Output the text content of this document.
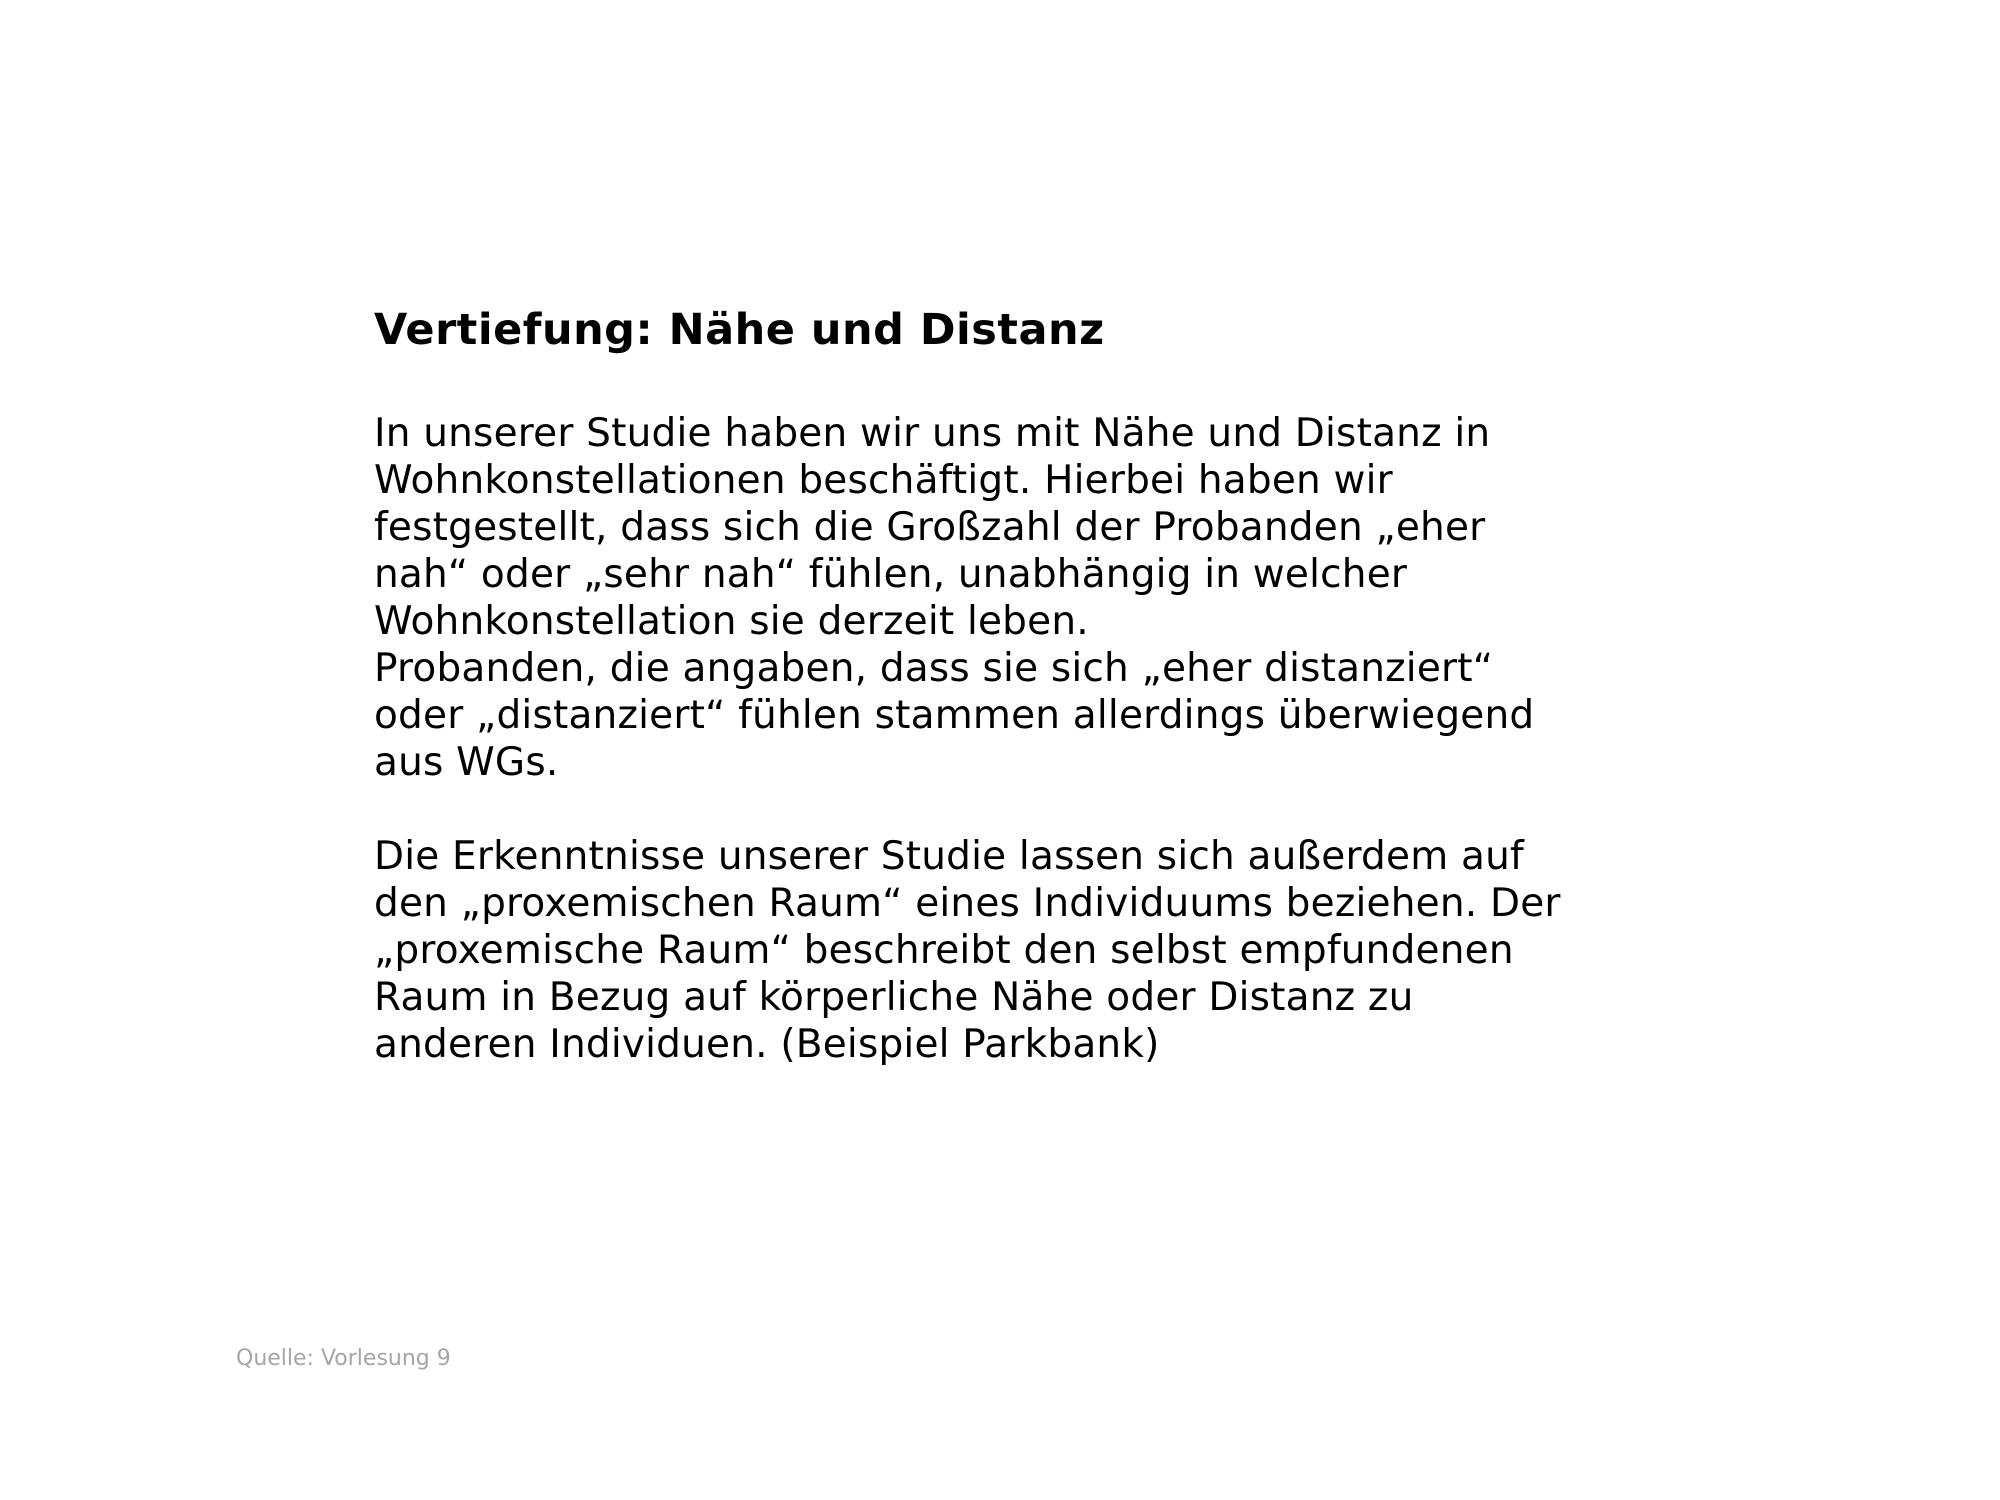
Vertiefung: Nähe und Distanz

In unserer Studie haben wir uns mit Nähe und Distanz in
Wohnkonstellationen beschäftigt. Hierbei haben wir
festgestellt, dass sich die Großzahl der Probanden „eher
nah“ oder „sehr nah“ fühlen, unabhängig in welcher
Wohnkonstellation sie derzeit leben.

Probanden, die angaben, dass sie sich „eher distanziert“
oder „distanziert“ fühlen stammen allerdings überwiegend
aus WGs.

Die Erkenntnisse unserer Studie lassen sich außerdem auf
den „proxemischen Raum“ eines Individuums beziehen. Der
„proxemische Raum“ beschreibt den selbst empfundenen
Raum in Bezug auf körperliche Nähe oder Distanz zu
anderen Individuen. (Beispiel Parkbank)

Quelle: Vorlesung 9
